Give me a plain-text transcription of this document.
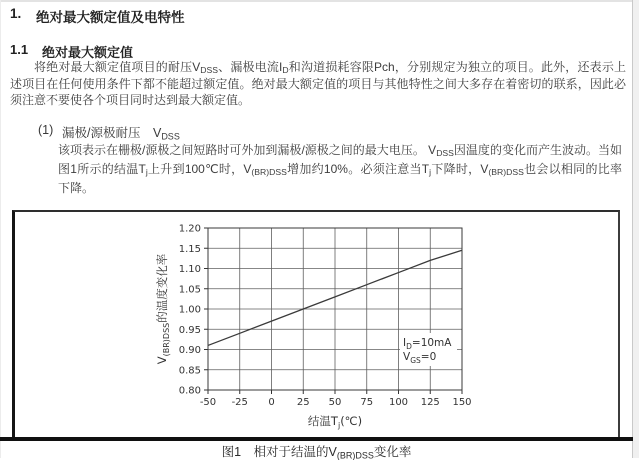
1.	绝对最大额定值及电特性
1.1	绝对最大额定值
将绝对最大额定值项目的耐压$V_{DSS}$、漏极电流$I_D$和沟道损耗容限Pch，分别规定为独立的项目。此外，还表示上述项目在任何使用条件下都不能超过额定值。绝对最大额定值的项目与其他特性之间大多存在着密切的联系，因此必须注意不要使各个项目同时达到最大额定值。
(1) 漏极/源极耐压　$V_{DSS}$
该项表示在栅极/源极之间短路时可外加到漏极/源极之间的最大电压。 $V_{DSS}$因温度的变化而产生波动。当如图1所示的结温$T_j$上升到100℃时，$V_{(BR)DSS}$增加约10%。必须注意当$T_j$下降时，$V_{(BR)DSS}$也会以相同的比率下降。
$I_D=10mA$
$V_{GS}=0$
0.80
0.85
0.90
0.95
1.00
1.05
1.10
1.15
1.20
-50 -25 0 25 50 75 100 125 150
结温$T_j(℃)$
$V_{(BR)DSS}$的温度变化率
图1　相对于结温的$V_{(BR)DSS}$变化率
